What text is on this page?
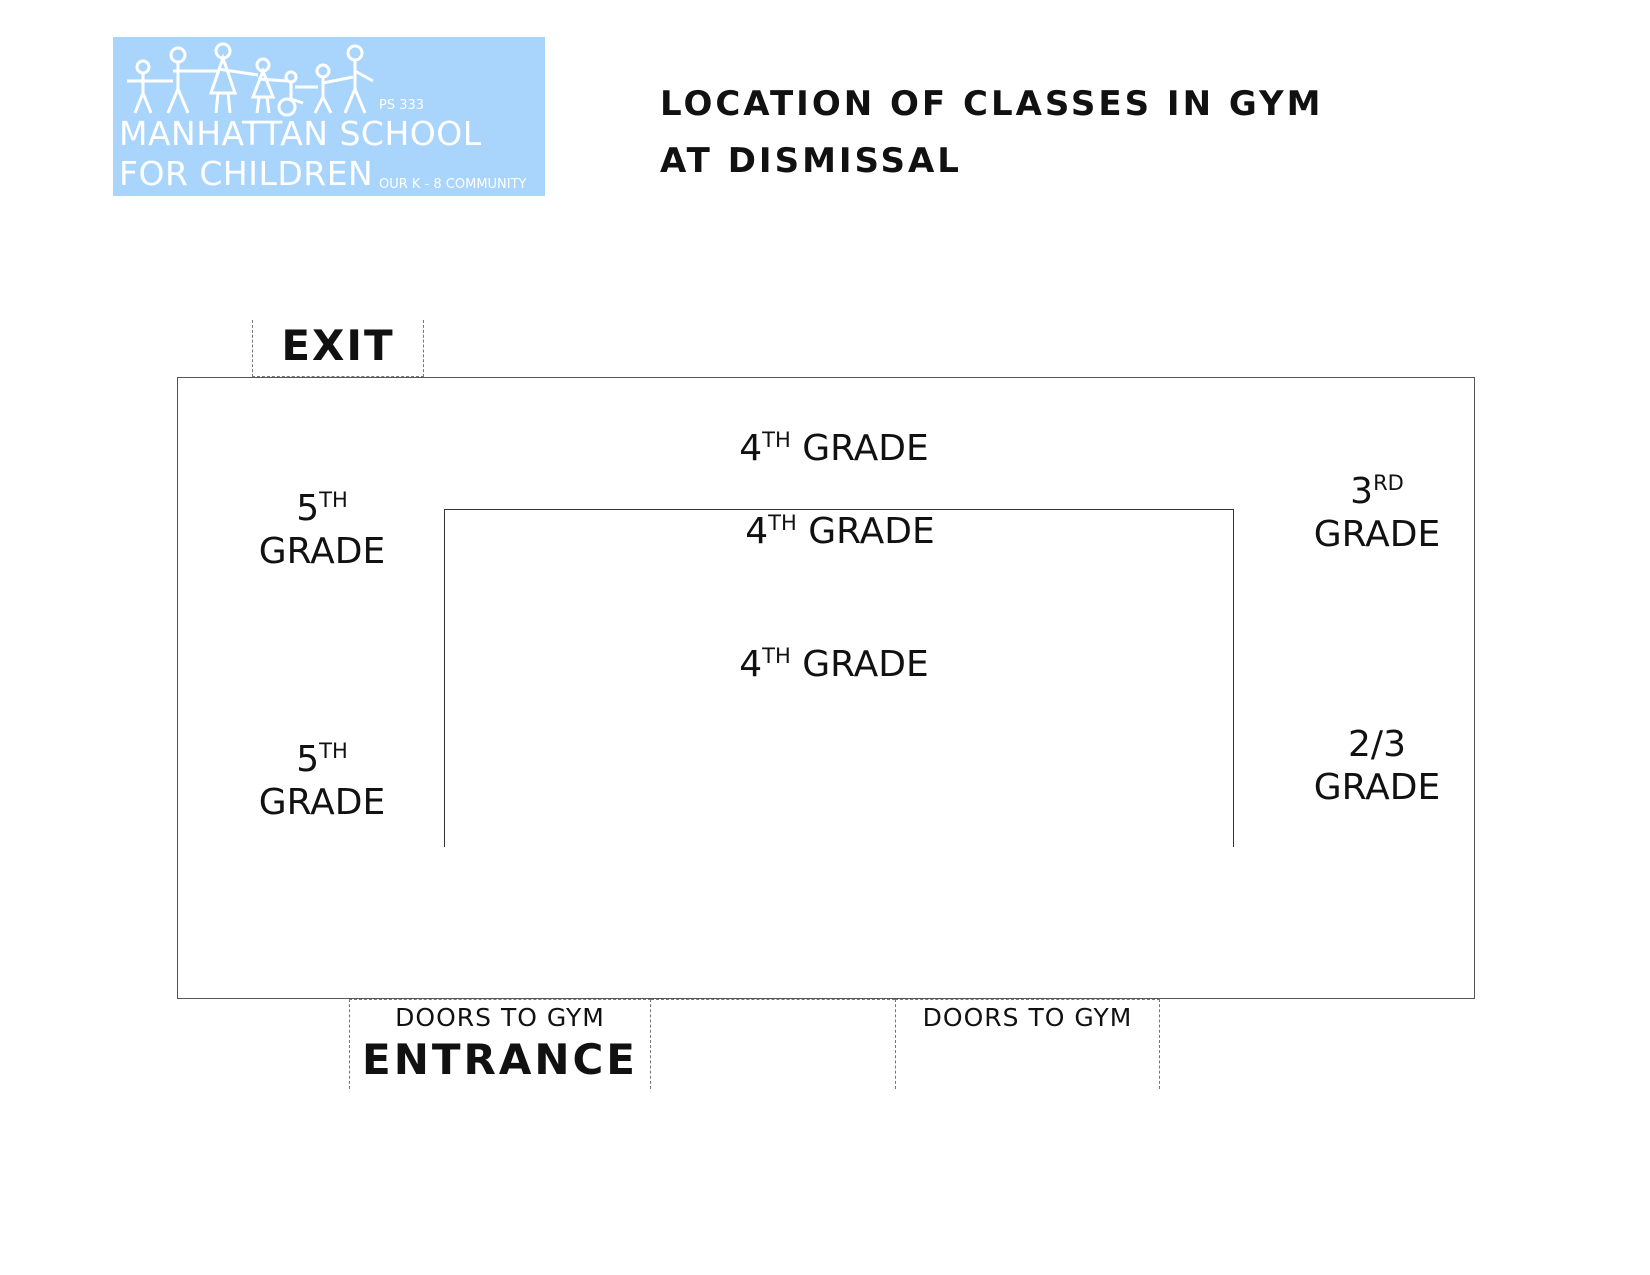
PS 333
MANHATTAN SCHOOL
FOR CHILDREN OUR K - 8 COMMUNITY
LOCATION OF CLASSES IN GYM
AT DISMISSAL
EXIT
4TH GRADE
4TH GRADE
4TH GRADE
5TH
GRADE
5TH
GRADE
3RD
GRADE
2/3
GRADE
DOORS TO GYM
ENTRANCE
DOORS TO GYM
